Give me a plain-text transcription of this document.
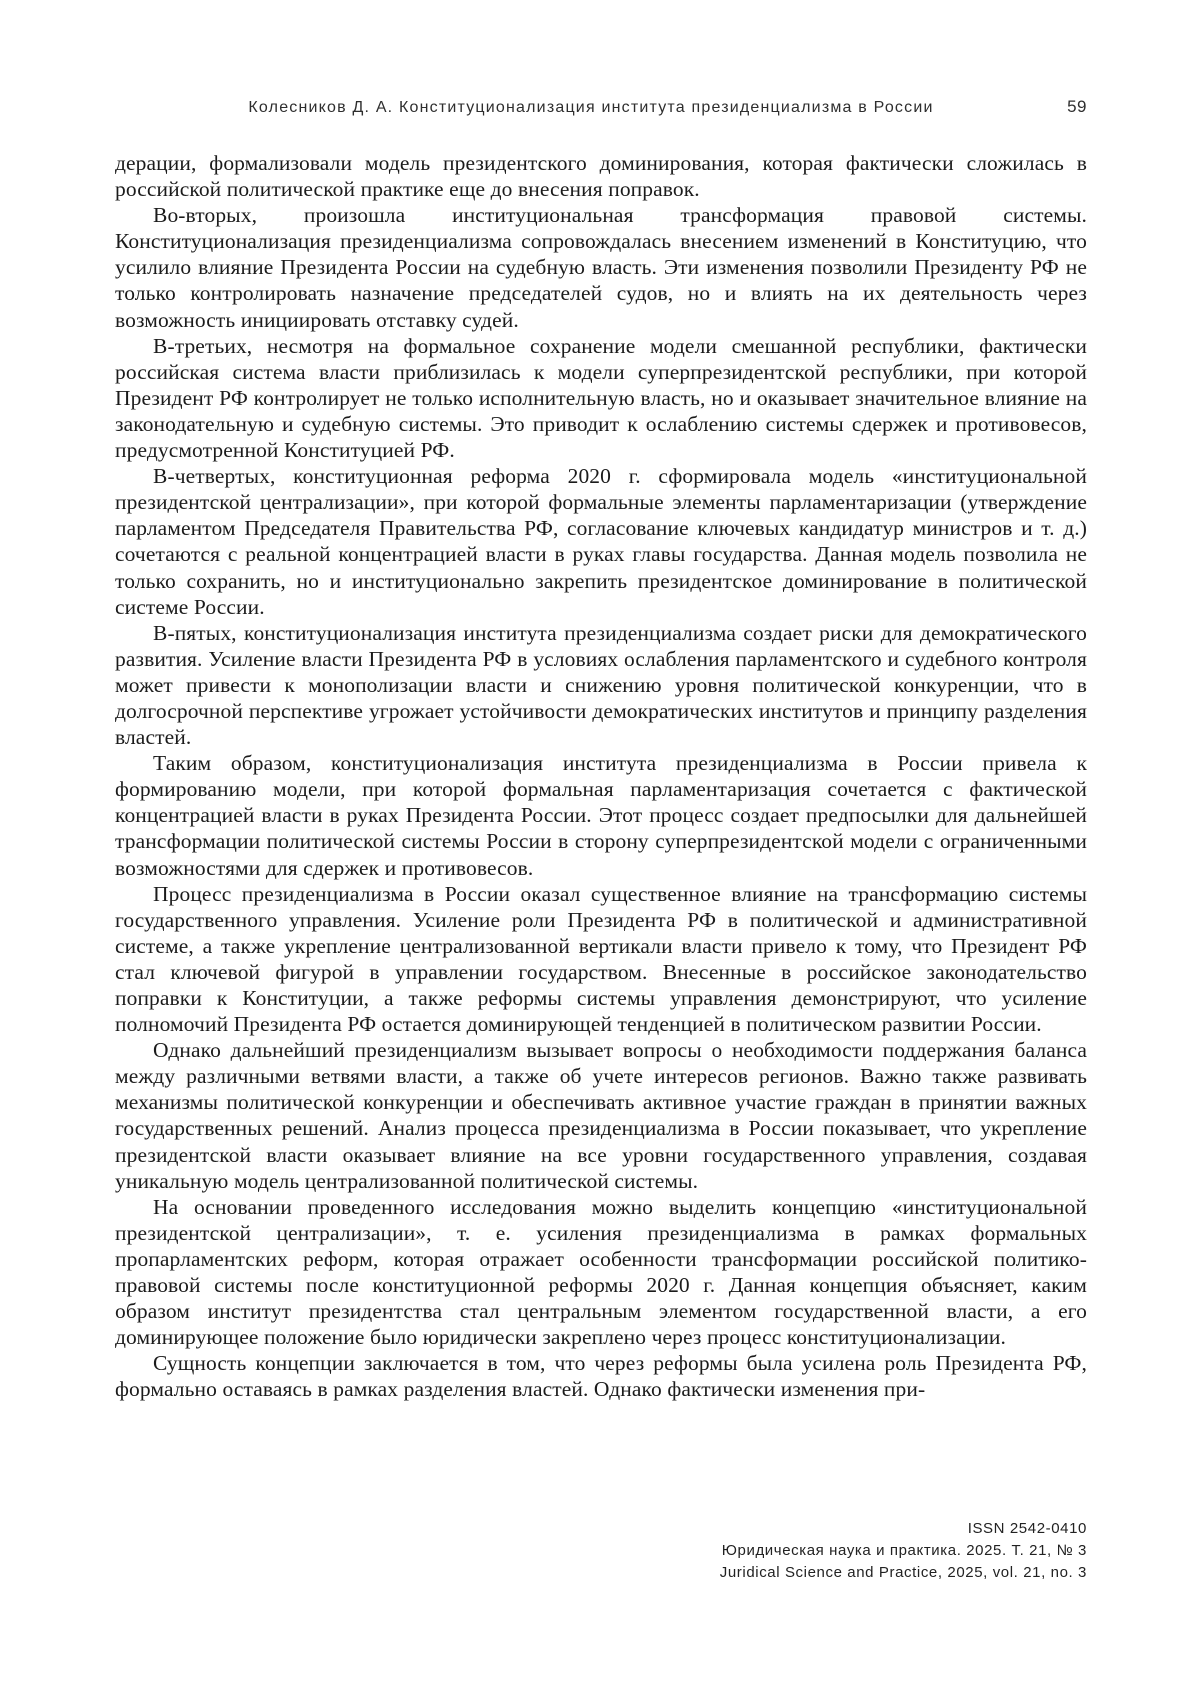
Колесников Д. А. Конституционализация института президенциализма в России	59

дерации, формализовали модель президентского доминирования, которая фактически сложилась в российской политической практике еще до внесения поправок.

Во-вторых, произошла институциональная трансформация правовой системы. Конституционализация президенциализма сопровождалась внесением изменений в Конституцию, что усилило влияние Президента России на судебную власть. Эти изменения позволили Президенту РФ не только контролировать назначение председателей судов, но и влиять на их деятельность через возможность инициировать отставку судей.

В-третьих, несмотря на формальное сохранение модели смешанной республики, фактически российская система власти приблизилась к модели суперпрезидентской республики, при которой Президент РФ контролирует не только исполнительную власть, но и оказывает значительное влияние на законодательную и судебную системы. Это приводит к ослаблению системы сдержек и противовесов, предусмотренной Конституцией РФ.

В-четвертых, конституционная реформа 2020 г. сформировала модель «институциональной президентской централизации», при которой формальные элементы парламентаризации (утверждение парламентом Председателя Правительства РФ, согласование ключевых кандидатур министров и т. д.) сочетаются с реальной концентрацией власти в руках главы государства. Данная модель позволила не только сохранить, но и институционально закрепить президентское доминирование в политической системе России.

В-пятых, конституционализация института президенциализма создает риски для демократического развития. Усиление власти Президента РФ в условиях ослабления парламентского и судебного контроля может привести к монополизации власти и снижению уровня политической конкуренции, что в долгосрочной перспективе угрожает устойчивости демократических институтов и принципу разделения властей.

Таким образом, конституционализация института президенциализма в России привела к формированию модели, при которой формальная парламентаризация сочетается с фактической концентрацией власти в руках Президента России. Этот процесс создает предпосылки для дальнейшей трансформации политической системы России в сторону суперпрезидентской модели с ограниченными возможностями для сдержек и противовесов.

Процесс президенциализма в России оказал существенное влияние на трансформацию системы государственного управления. Усиление роли Президента РФ в политической и административной системе, а также укрепление централизованной вертикали власти привело к тому, что Президент РФ стал ключевой фигурой в управлении государством. Внесенные в российское законодательство поправки к Конституции, а также реформы системы управления демонстрируют, что усиление полномочий Президента РФ остается доминирующей тенденцией в политическом развитии России.

Однако дальнейший президенциализм вызывает вопросы о необходимости поддержания баланса между различными ветвями власти, а также об учете интересов регионов. Важно также развивать механизмы политической конкуренции и обеспечивать активное участие граждан в принятии важных государственных решений. Анализ процесса президенциализма в России показывает, что укрепление президентской власти оказывает влияние на все уровни государственного управления, создавая уникальную модель централизованной политической системы.

На основании проведенного исследования можно выделить концепцию «институциональной президентской централизации», т. е. усиления президенциализма в рамках формальных пропарламентских реформ, которая отражает особенности трансформации российской политико-правовой системы после конституционной реформы 2020 г. Данная концепция объясняет, каким образом институт президентства стал центральным элементом государственной власти, а его доминирующее положение было юридически закреплено через процесс конституционализации.

Сущность концепции заключается в том, что через реформы была усилена роль Президента РФ, формально оставаясь в рамках разделения властей. Однако фактически изменения при-

ISSN 2542-0410
Юридическая наука и практика. 2025. Т. 21, № 3
Juridical Science and Practice, 2025, vol. 21, no. 3
